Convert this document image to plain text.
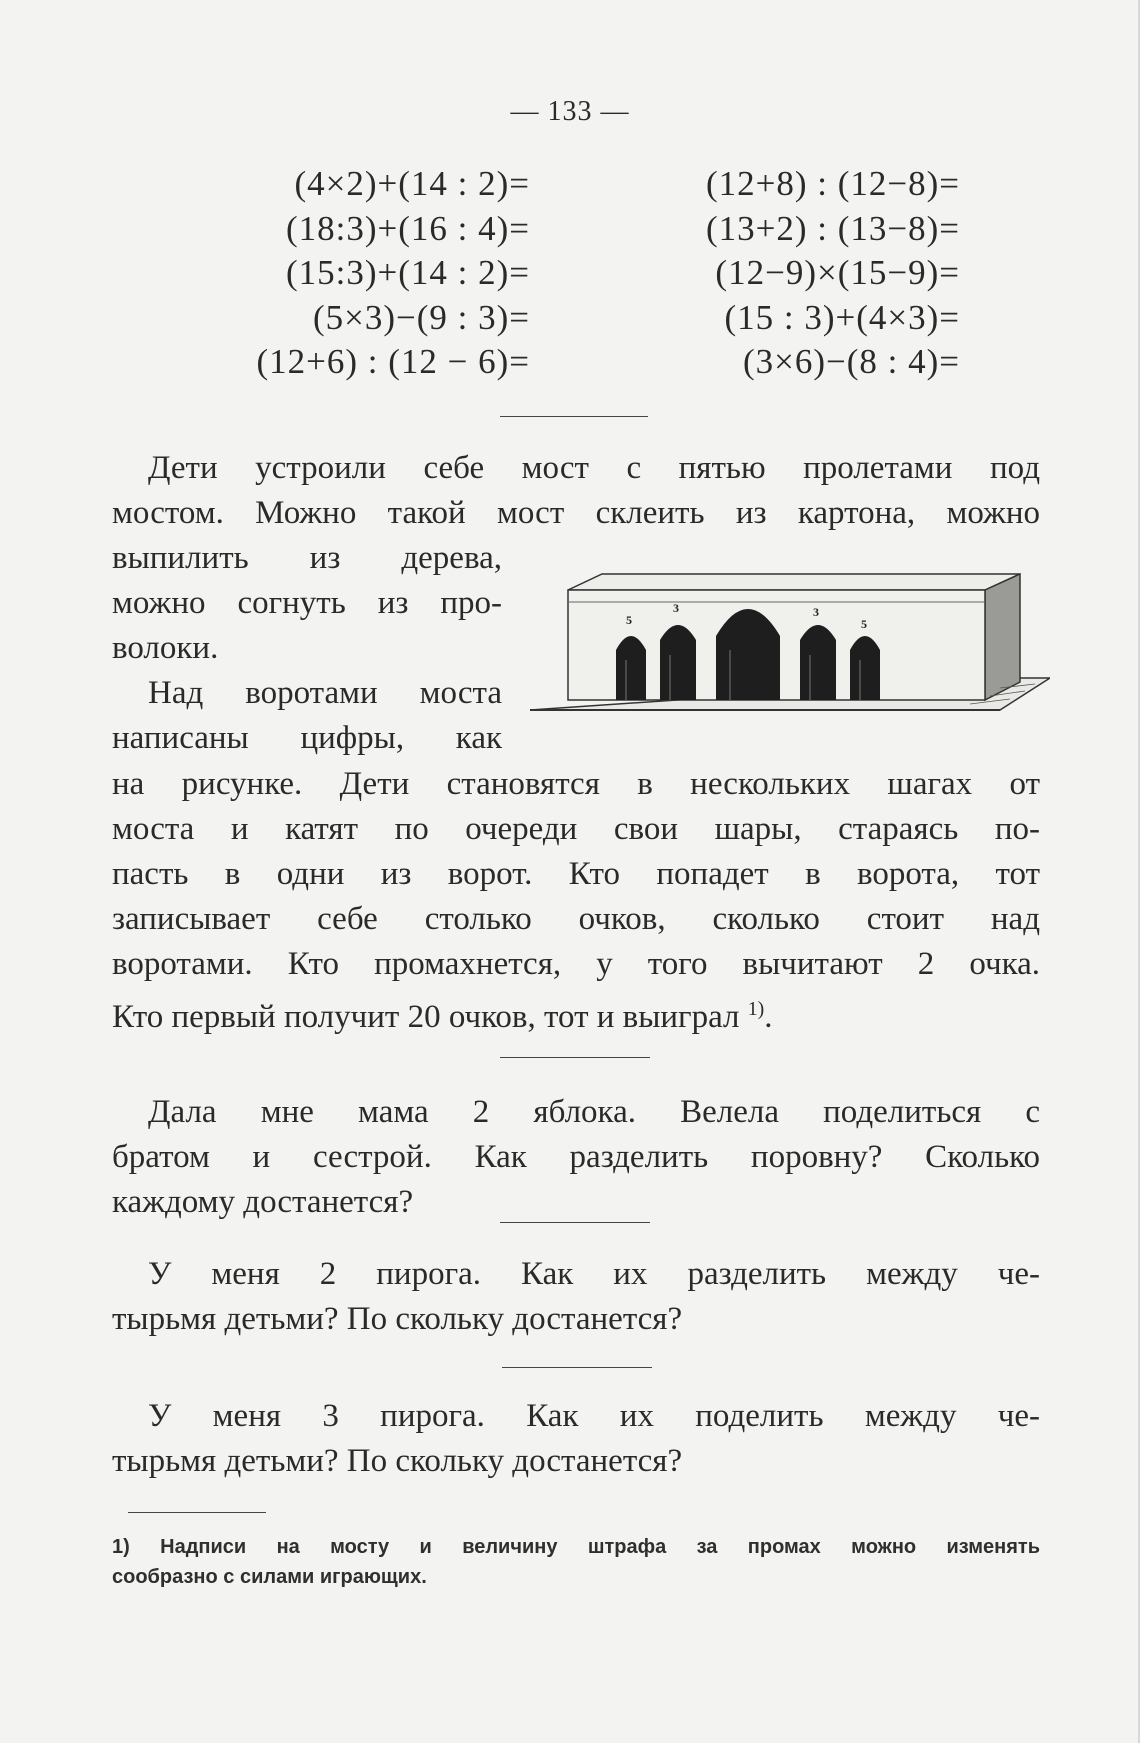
— 133 —
(4×2)+(14 : 2)=
(18:3)+(16 : 4)=
(15:3)+(14 : 2)=
(5×3)−(9 : 3)=
(12+6) : (12 − 6)=
(12+8) : (12−8)=
(13+2) : (13−8)=
(12−9)×(15−9)=
(15 : 3)+(4×3)=
(3×6)−(8 : 4)=
Дети устроили себе мост с пятью пролетами под
мостом. Можно такой мост склеить из картона, можно
выпилить из дерева,
можно согнуть из про-
волоки.
Над воротами моста
написаны цифры, как
5
3	3
5
на рисунке. Дети становятся в нескольких шагах от
моста и катят по очереди свои шары, стараясь по-
пасть в одни из ворот. Кто попадет в ворота, тот
записывает себе столько очков, сколько стоит над
воротами. Кто промахнется, у того вычитают 2 очка.
Кто первый получит 20 очков, тот и выиграл $^{1)}$.
Дала мне мама 2 яблока. Велела поделиться с
братом и сестрой. Как разделить поровну? Сколько
каждому достанется?
У меня 2 пирога. Как их разделить между че-
тырьмя детьми? По скольку достанется?
У меня 3 пирога. Как их поделить между че-
тырьмя детьми? По скольку достанется?
1) Надписи на мосту и величину штрафа за промах можно изменять
сообразно с силами играющих.
